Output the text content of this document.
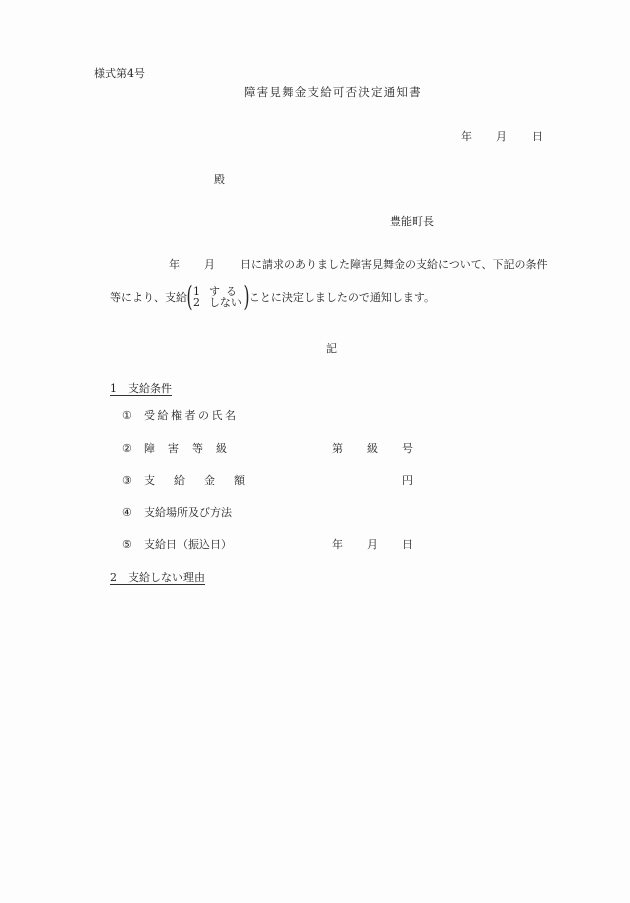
様式第4号
障害見舞金支給可否決定通知書
年 月 日
殿
豊能町長
年 月 日に請求のありました障害見舞金の支給について、下記の条件
等により、支給 ( 1 する
2 しない ) ことに決定しましたので通知します。
記
1　支給条件
① 受給権者の氏名
② 障害等級	第 級 号
③ 支給金額	円
④ 支給場所及び方法
⑤ 支給日（振込日）	年 月 日
2　支給しない理由
